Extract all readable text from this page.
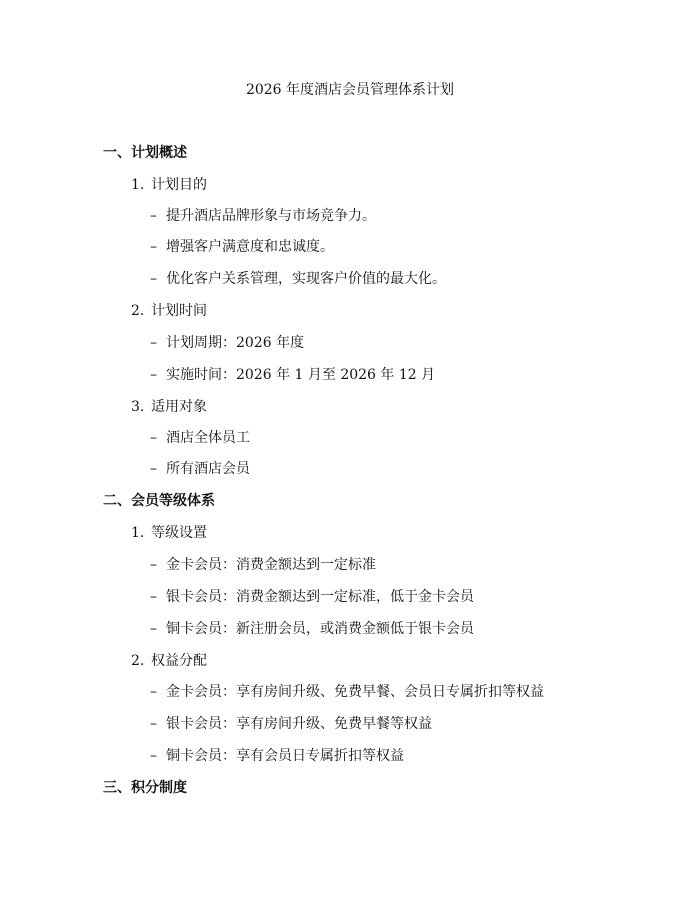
2026 年度酒店会员管理体系计划
一、计划概述
1. 计划目的
– 提升酒店品牌形象与市场竞争力。
– 增强客户满意度和忠诚度。
– 优化客户关系管理，实现客户价值的最大化。
2. 计划时间
– 计划周期：2026 年度
– 实施时间：2026 年 1 月至 2026 年 12 月
3. 适用对象
– 酒店全体员工
– 所有酒店会员
二、会员等级体系
1. 等级设置
– 金卡会员：消费金额达到一定标准
– 银卡会员：消费金额达到一定标准，低于金卡会员
– 铜卡会员：新注册会员，或消费金额低于银卡会员
2. 权益分配
– 金卡会员：享有房间升级、免费早餐、会员日专属折扣等权益
– 银卡会员：享有房间升级、免费早餐等权益
– 铜卡会员：享有会员日专属折扣等权益
三、积分制度
